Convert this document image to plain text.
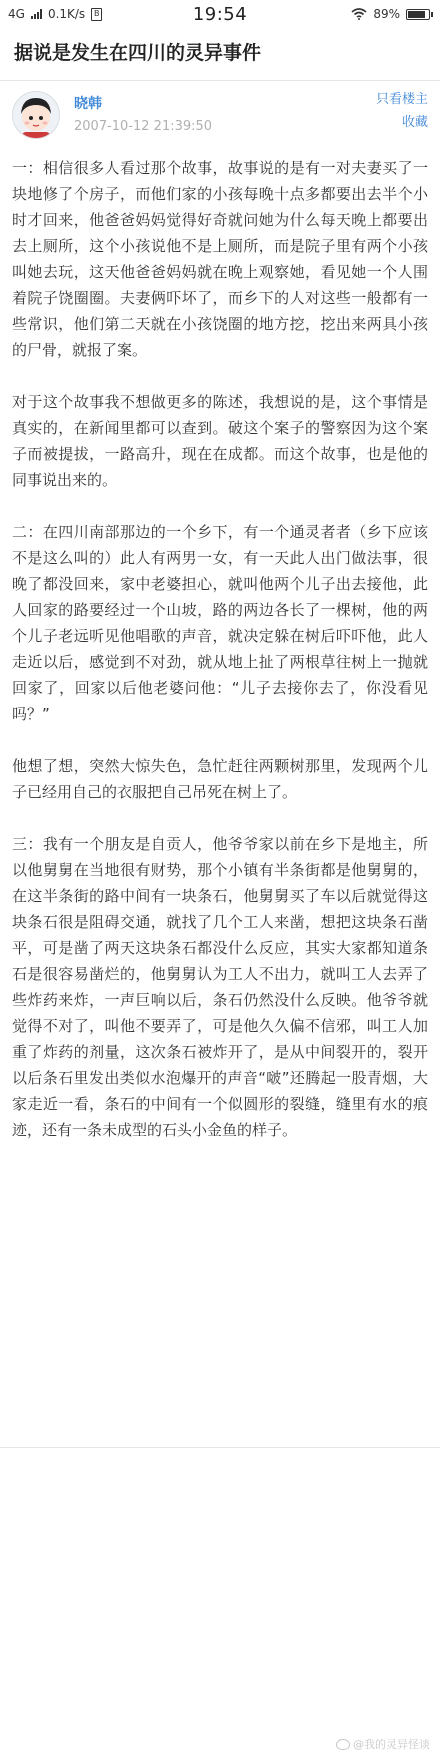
4G 0.1K/s	B	19:54	89%
据说是发生在四川的灵异事件
晓韩
2007-10-12 21:39:50
只看楼主
收藏

一：相信很多人看过那个故事，故事说的是有一对夫妻买了一块地修了个房子，而他们家的小孩每晚十点多都要出去半个小时才回来，他爸爸妈妈觉得好奇就问她为什么每天晚上都要出去上厕所，这个小孩说他不是上厕所，而是院子里有两个小孩叫她去玩，这天他爸爸妈妈就在晚上观察她，看见她一个人围着院子饶圈圈。夫妻俩吓坏了，而乡下的人对这些一般都有一些常识，他们第二天就在小孩饶圈的地方挖，挖出来两具小孩的尸骨，就报了案。

对于这个故事我不想做更多的陈述，我想说的是，这个事情是真实的，在新闻里都可以查到。破这个案子的警察因为这个案子而被提拔，一路高升，现在在成都。而这个故事，也是他的同事说出来的。

二：在四川南部那边的一个乡下，有一个通灵者者（乡下应该不是这么叫的）此人有两男一女，有一天此人出门做法事，很晚了都没回来，家中老婆担心，就叫他两个儿子出去接他，此人回家的路要经过一个山坡，路的两边各长了一棵树，他的两个儿子老远听见他唱歌的声音，就决定躲在树后吓吓他，此人走近以后，感觉到不对劲，就从地上扯了两根草往树上一抛就回家了，回家以后他老婆问他：“儿子去接你去了，你没看见吗？”

他想了想，突然大惊失色，急忙赶往两颗树那里，发现两个儿子已经用自己的衣服把自己吊死在树上了。

三：我有一个朋友是自贡人，他爷爷家以前在乡下是地主，所以他舅舅在当地很有财势，那个小镇有半条街都是他舅舅的，在这半条街的路中间有一块条石，他舅舅买了车以后就觉得这块条石很是阻碍交通，就找了几个工人来凿，想把这块条石凿平，可是凿了两天这块条石都没什么反应，其实大家都知道条石是很容易凿烂的，他舅舅认为工人不出力，就叫工人去弄了些炸药来炸，一声巨响以后，条石仍然没什么反映。他爷爷就觉得不对了，叫他不要弄了，可是他久久偏不信邪，叫工人加重了炸药的剂量，这次条石被炸开了，是从中间裂开的，裂开以后条石里发出类似水泡爆开的声音“啵”还腾起一股青烟，大家走近一看，条石的中间有一个似圆形的裂缝，缝里有水的痕迹，还有一条未成型的石头小金鱼的样子。

@我的灵异怪谈
